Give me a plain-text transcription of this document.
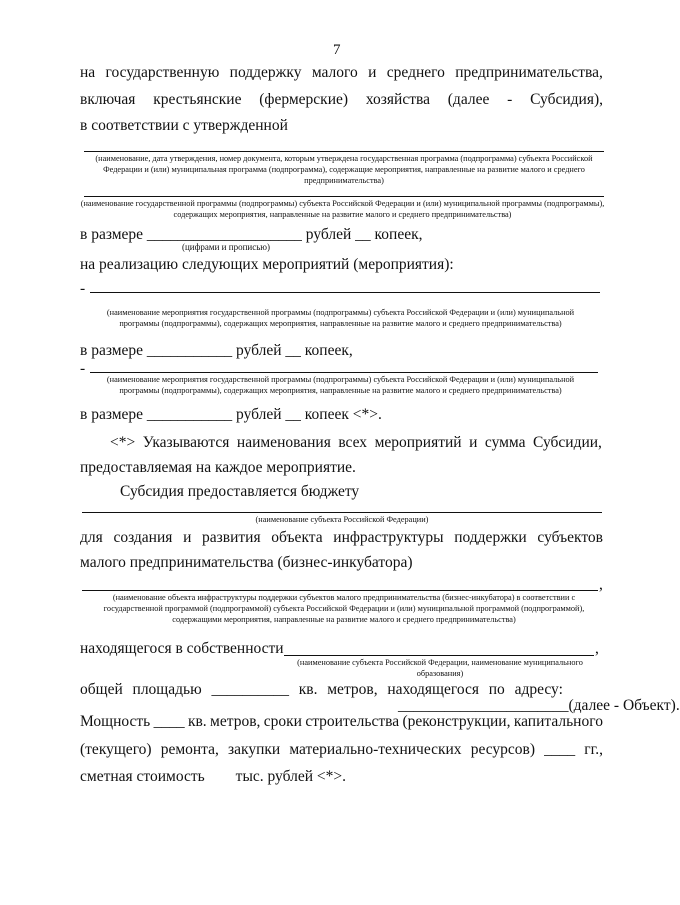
7
на государственную поддержку малого и среднего предпринимательства,
включая крестьянские (фермерские) хозяйства (далее - Субсидия),
в соответствии с утвержденной
(наименование, дата утверждения, номер документа, которым утверждена государственная программа (подпрограмма) субъекта Российской Федерации и (или) муниципальная программа (подпрограмма), содержащие мероприятия, направленные на развитие малого и среднего предпринимательства)
(наименование государственной программы (подпрограммы) субъекта Российской Федерации и (или) муниципальной программы (подпрограммы), содержащих мероприятия, направленные на развитие малого и среднего предпринимательства)
в размере ____________________ рублей __ копеек,
(цифрами и прописью)
на реализацию следующих мероприятий (мероприятия):
-
(наименование мероприятия государственной программы (подпрограммы) субъекта Российской Федерации и (или) муниципальной программы (подпрограммы), содержащих мероприятия, направленные на развитие малого и среднего предпринимательства)
в размере ___________ рублей __ копеек,
-
(наименование мероприятия государственной программы (подпрограммы) субъекта Российской Федерации и (или) муниципальной программы (подпрограммы), содержащих мероприятия, направленные на развитие малого и среднего предпринимательства)
в размере ___________ рублей __ копеек <*>.
<*> Указываются наименования всех мероприятий и сумма Субсидии,
предоставляемая на каждое мероприятие.
Субсидия предоставляется бюджету
(наименование субъекта Российской Федерации)
для создания и развития объекта инфраструктуры поддержки субъектов
малого предпринимательства (бизнес-инкубатора)
,
(наименование объекта инфраструктуры поддержки субъектов малого предпринимательства (бизнес-инкубатора) в соответствии с государственной программой (подпрограммой) субъекта Российской Федерации и (или) муниципальной программой (подпрограммой), содержащими мероприятия, направленные на развитие малого и среднего предпринимательства)
находящегося в собственности	,
(наименование субъекта Российской Федерации, наименование муниципального образования)
общей площадью __________ кв. метров, находящегося по адресу:
______________________(далее - Объект).
Мощность ____ кв. метров, сроки строительства (реконструкции, капитального
(текущего) ремонта, закупки материально-технических ресурсов) ____ гг.,
сметная стоимость        тыс. рублей <*>.
